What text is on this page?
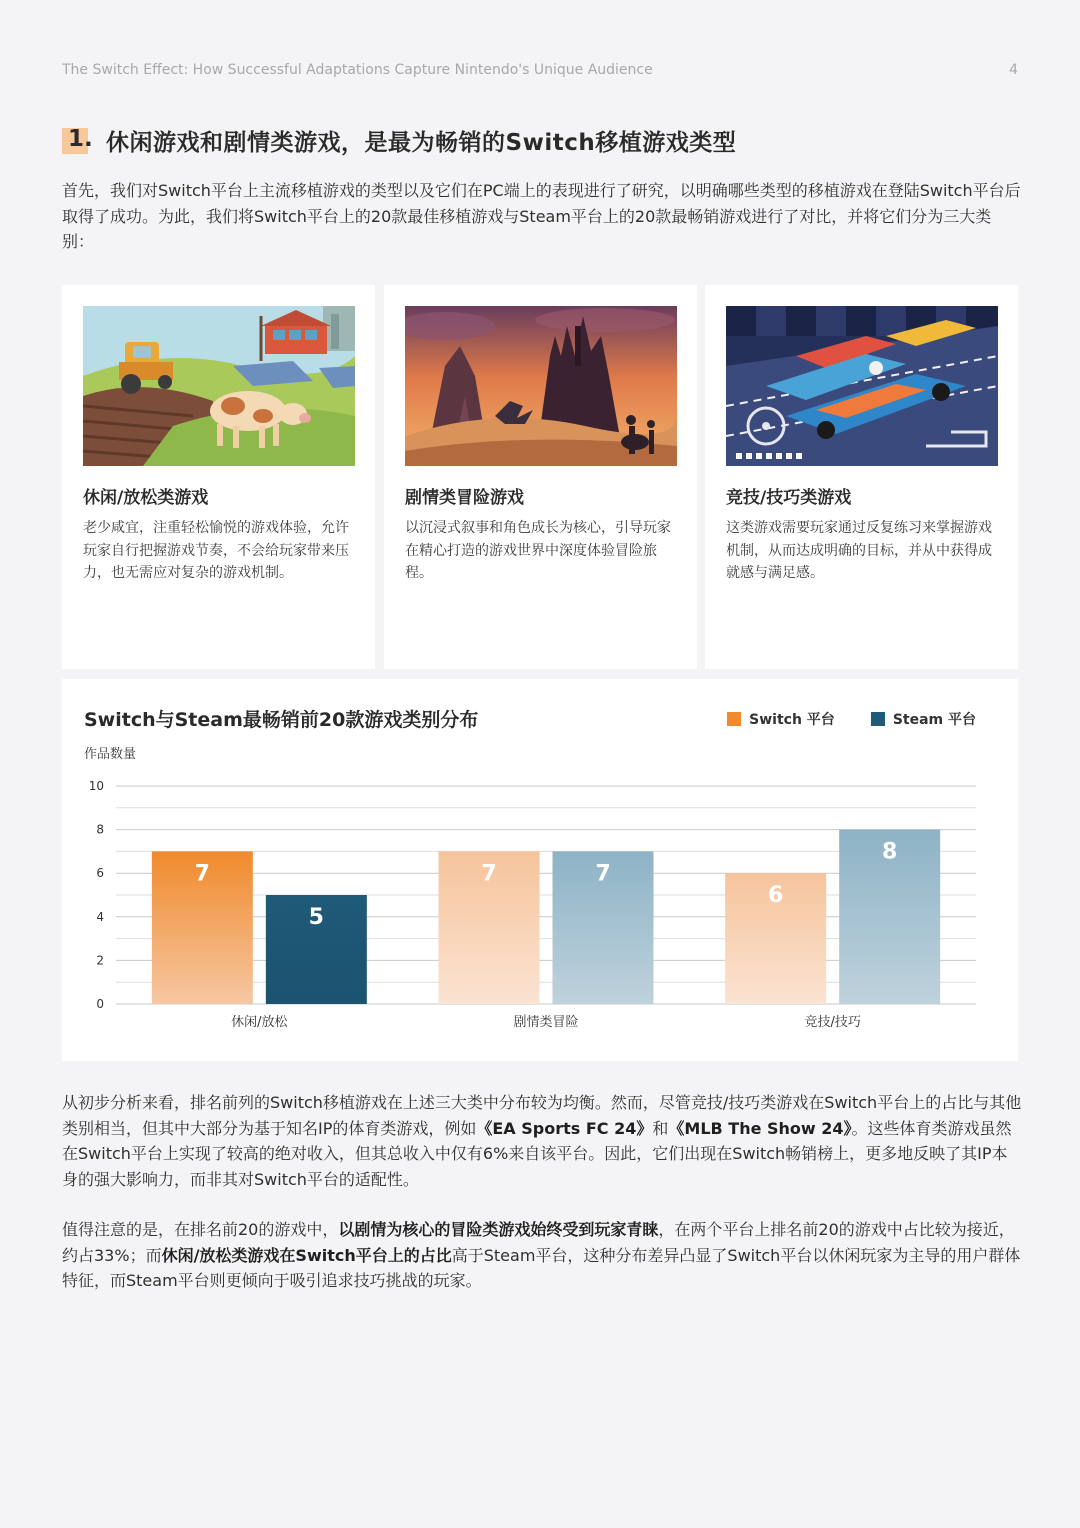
The Switch Effect: How Successful Adaptations Capture Nintendo's Unique Audience	4
1. 休闲游戏和剧情类游戏，是最为畅销的Switch移植游戏类型

首先，我们对Switch平台上主流移植游戏的类型以及它们在PC端上的表现进行了研究，以明确哪些类型的移植游戏在登陆Switch平台后取得了成功。为此，我们将Switch平台上的20款最佳移植游戏与Steam平台上的20款最畅销游戏进行了对比，并将它们分为三大类别：

休闲/放松类游戏
老少咸宜，注重轻松愉悦的游戏体验，允许玩家自行把握游戏节奏，不会给玩家带来压力，也无需应对复杂的游戏机制。
剧情类冒险游戏
以沉浸式叙事和角色成长为核心，引导玩家在精心打造的游戏世界中深度体验冒险旅程。
竞技/技巧类游戏
这类游戏需要玩家通过反复练习来掌握游戏机制，从而达成明确的目标，并从中获得成就感与满足感。
0
2
4
6
8
10
7
5
休闲/放松
7	7
剧情类冒险
6
8
竞技/技巧
Switch与Steam最畅销前20款游戏类别分布
作品数量
Switch 平台	Steam 平台

从初步分析来看，排名前列的Switch移植游戏在上述三大类中分布较为均衡。然而，尽管竞技/技巧类游戏在Switch平台上的占比与其他类别相当，但其中大部分为基于知名IP的体育类游戏，例如《EA Sports FC 24》和《MLB The Show 24》。这些体育类游戏虽然在Switch平台上实现了较高的绝对收入，但其总收入中仅有6%来自该平台。因此，它们出现在Switch畅销榜上，更多地反映了其IP本身的强大影响力，而非其对Switch平台的适配性。

值得注意的是，在排名前20的游戏中，以剧情为核心的冒险类游戏始终受到玩家青睐，在两个平台上排名前20的游戏中占比较为接近，约占33%；而休闲/放松类游戏在Switch平台上的占比高于Steam平台，这种分布差异凸显了Switch平台以休闲玩家为主导的用户群体特征，而Steam平台则更倾向于吸引追求技巧挑战的玩家。
